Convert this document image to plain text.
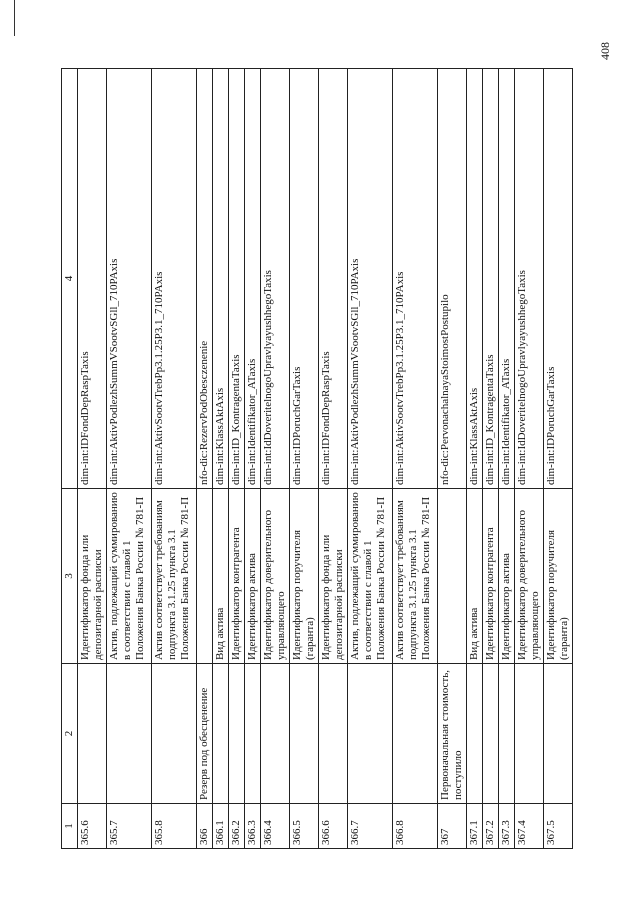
408
1	2	3	4
365.6		Идентификатор фонда или депозитарной расписки	dim-int:IDFondDepRaspTaxis
365.7		Актив, подлежащий суммированию в соответствии с главой 1 Положения Банка России № 781-П	dim-int:AktivPodlezhSummVSootvSGll_710PAxis
365.8		Актив соответствует требованиям подпункта 3.1.25 пункта 3.1 Положения Банка России № 781-П	dim-int:AktivSootvTrebPp3.1.25P3.1_710PAxis
366	Резерв под обесценение		nfo-dic:RezervPodObesczenenie
366.1		Вид актива	dim-int:KlassAktAxis
366.2		Идентификатор контрагента	dim-int:ID_KontragentaTaxis
366.3		Идентификатор актива	dim-int:Identifikator_ATaxis
366.4		Идентификатор доверительного управляющего	dim-int:IdDoveritelnogoUpravlyayushhegoTaxis
366.5		Идентификатор поручителя (гаранта)	dim-int:IDPoruchGarTaxis
366.6		Идентификатор фонда или депозитарной расписки	dim-int:IDFondDepRaspTaxis
366.7		Актив, подлежащий суммированию в соответствии с главой 1 Положения Банка России № 781-П	dim-int:AktivPodlezhSummVSootvSGll_710PAxis
366.8		Актив соответствует требованиям подпункта 3.1.25 пункта 3.1 Положения Банка России № 781-П	dim-int:AktivSootvTrebPp3.1.25P3.1_710PAxis
367	Первоначальная стоимость, поступило		nfo-dic:PervonachalnayaStoimostPostupilo
367.1		Вид актива	dim-int:KlassAktAxis
367.2		Идентификатор контрагента	dim-int:ID_KontragentaTaxis
367.3		Идентификатор актива	dim-int:Identifikator_ATaxis
367.4		Идентификатор доверительного управляющего	dim-int:IdDoveritelnogoUpravlyayushhegoTaxis
367.5		Идентификатор поручителя (гаранта)	dim-int:IDPoruchGarTaxis
